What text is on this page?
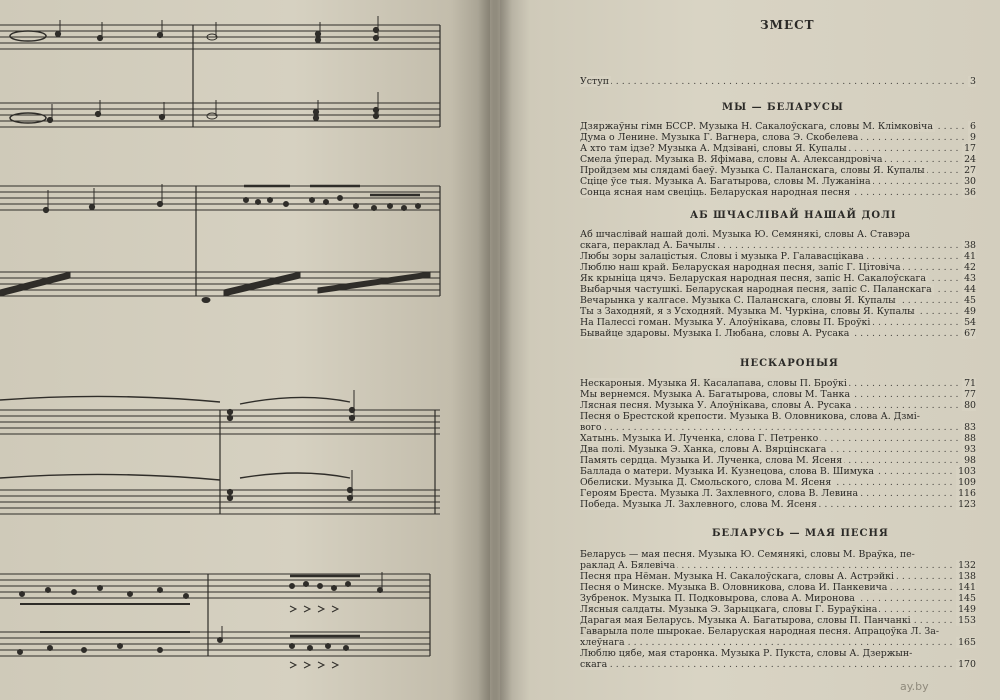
ЗМЕСТ
Уступ	3
. . .
МЫ — БЕЛАРУСЫ
Дзяржаўны гімн БССР. Музыка Н. Сакалоўскага, словы М. Клімковіча	6
. . .
Дума о Ленине. Музыка Г. Вагнера, слова Э. Скобелева	9
. . .
А хто там ідзе? Музыка А. Мдзівані, словы Я. Купалы	17
. . .
Смела ўперад. Музыка В. Яфімава, словы А. Александровіча	24
. . .
Пройдзем мы слядамі баеў. Музыка С. Паланскага, словы Я. Купалы	27
. . .
Сціце ўсе тыя. Музыка А. Багатырова, словы М. Лужаніна	30
. . .
Сонца ясная нам свеціць. Беларуская народная песня	36
. . .
АБ ШЧАСЛІВАЙ НАШАЙ ДОЛІ
Аб шчаслівай нашай долі. Музыка Ю. Семянякі, словы А. Ставэра
скага, пераклад А. Бачылы	38
. . .
Любы зоры залацістыя. Словы і музыка Р. Галавасцікава	41
. . .
Люблю наш край. Беларуская народная песня, запіс Г. Цітовіча	42
. . .
Як крыніца цячэ. Беларуская народная песня, запіс Н. Сакалоўскага	43
. . .
Выбарчыя частушкі. Беларуская народная песня, запіс С. Паланскага	44
. . .
Вечарынка у калгасе. Музыка С. Паланскага, словы Я. Купалы	45
. . .
Ты з Заходняй, я з Усходняй. Музыка М. Чуркіна, словы Я. Купалы	49
. . .
На Палессі гоман. Музыка У. Алоўнікава, словы П. Броўкі	54
. . .
Бывайце здаровы. Музыка І. Любана, словы А. Русака	67
. . .
НЕСКАРОНЫЯ
Нескароныя. Музыка Я. Касалапава, словы П. Броўкі	71
. . .
Мы вернемся. Музыка А. Багатырова, словы М. Танка	77
. . .
Лясная песня. Музыка У. Алоўнікава, словы А. Русака	80
. . .
Песня о Брестской крепости. Музыка В. Оловникова, слова А. Дзмі-
вого	83
. . .
Хатынь. Музыка И. Лученка, слова Г. Петренко	88
. . .
Два полі. Музыка Э. Ханка, словы А. Вярцінскага	93
. . .
Память сердца. Музыка И. Лученка, слова М. Ясеня	98
. . .
Баллада о матери. Музыка И. Кузнецова, слова В. Шимука	103
. . .
Обелиски. Музыка Д. Смольского, слова М. Ясеня	109
. . .
Героям Бреста. Музыка Л. Захлевного, слова В. Левина	116
. . .
Победа. Музыка Л. Захлевного, слова М. Ясеня	123
. . .
БЕЛАРУСЬ — МАЯ ПЕСНЯ
Беларусь — мая песня. Музыка Ю. Семянякі, словы М. Враўка, пе-
раклад А. Бялевіча	132
. . .
Песня пра Нёман. Музыка Н. Сакалоўскага, словы А. Астрэйкі	138
. . .
Песня о Минске. Музыка В. Оловникова, слова И. Панкевича	141
. . .
Зубренок. Музыка П. Подковырова, слова А. Миронова	145
. . .
Лясныя салдаты. Музыка Э. Зарыцкага, словы Г. Бураўкіна	149
. . .
Дарагая мая Беларусь. Музыка А. Багатырова, словы П. Панчанкі	153
. . .
Гаварыла поле шырокае. Беларуская народная песня. Апрацоўка Л. За-
хлеўнага	165
. . .
Люблю цябе, мая старонка. Музыка Р. Пукста, словы А. Дзержын-
скага	170
. . .
ay.by
